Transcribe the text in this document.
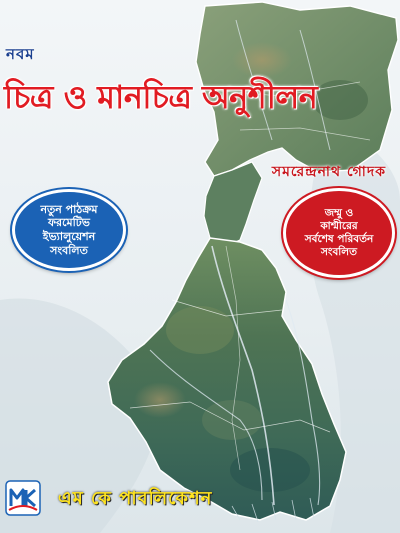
নবম
চিত্র ও মানচিত্র অনুশীলন
সমরেন্দ্রনাথ গোদক
নতুন পাঠক্রম
ফরমেটিভ
ইভ্যালুয়েশন
সংবলিত
জম্মু ও
কাশ্মীরের
সর্বশেষ পরিবর্তন
সংবলিত
এম কে পাবলিকেশন
